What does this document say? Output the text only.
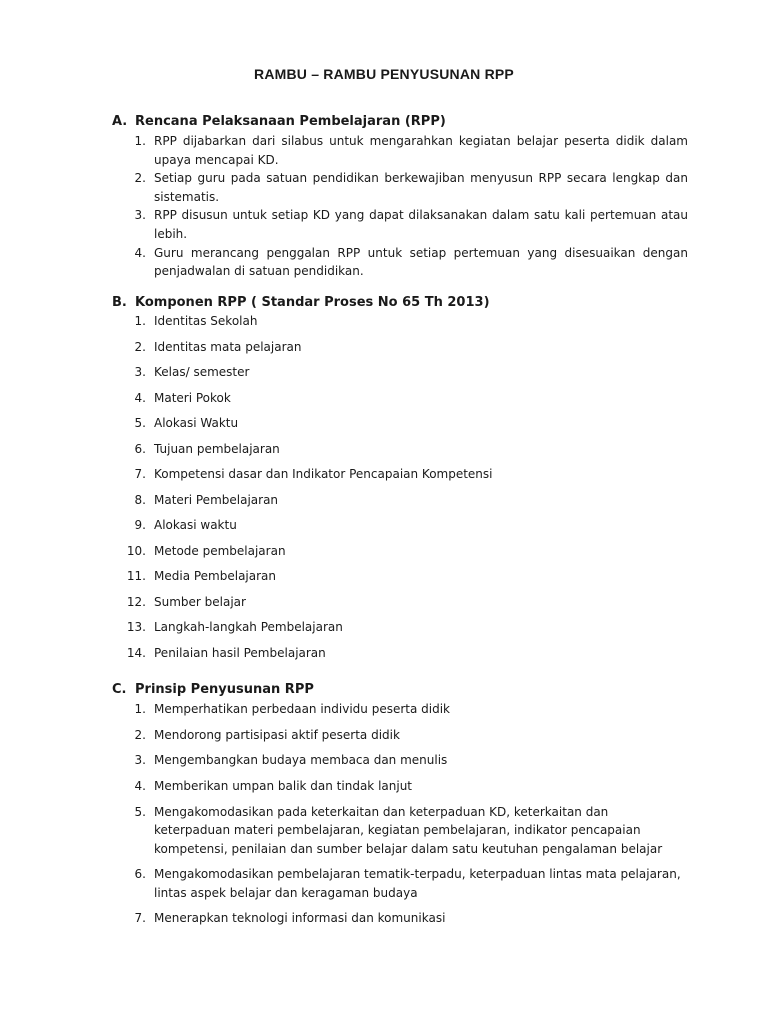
RAMBU – RAMBU PENYUSUNAN RPP
A. Rencana Pelaksanaan Pembelajaran (RPP)
1. RPP dijabarkan dari silabus untuk mengarahkan kegiatan belajar peserta didik dalam upaya mencapai KD.
2. Setiap guru pada satuan pendidikan berkewajiban menyusun RPP secara lengkap dan sistematis.
3. RPP disusun untuk setiap KD yang dapat dilaksanakan dalam satu kali pertemuan atau lebih.
4. Guru merancang penggalan RPP untuk setiap pertemuan yang disesuaikan dengan penjadwalan di satuan pendidikan.
B. Komponen RPP ( Standar Proses No 65 Th 2013)
1. Identitas Sekolah
2. Identitas mata pelajaran
3. Kelas/ semester
4. Materi Pokok
5. Alokasi Waktu
6. Tujuan pembelajaran
7. Kompetensi dasar dan Indikator Pencapaian Kompetensi
8. Materi Pembelajaran
9. Alokasi waktu
10. Metode pembelajaran
11. Media Pembelajaran
12. Sumber belajar
13. Langkah-langkah Pembelajaran
14. Penilaian hasil Pembelajaran
C. Prinsip Penyusunan RPP
1. Memperhatikan perbedaan individu peserta didik
2. Mendorong partisipasi aktif peserta didik
3. Mengembangkan budaya membaca dan menulis
4. Memberikan umpan balik dan tindak lanjut
5. Mengakomodasikan pada keterkaitan dan keterpaduan KD, keterkaitan dan keterpaduan materi pembelajaran, kegiatan pembelajaran, indikator pencapaian kompetensi, penilaian dan sumber belajar dalam satu keutuhan pengalaman belajar
6. Mengakomodasikan pembelajaran tematik-terpadu, keterpaduan lintas mata pelajaran, lintas aspek belajar dan keragaman budaya
7. Menerapkan teknologi informasi dan komunikasi
